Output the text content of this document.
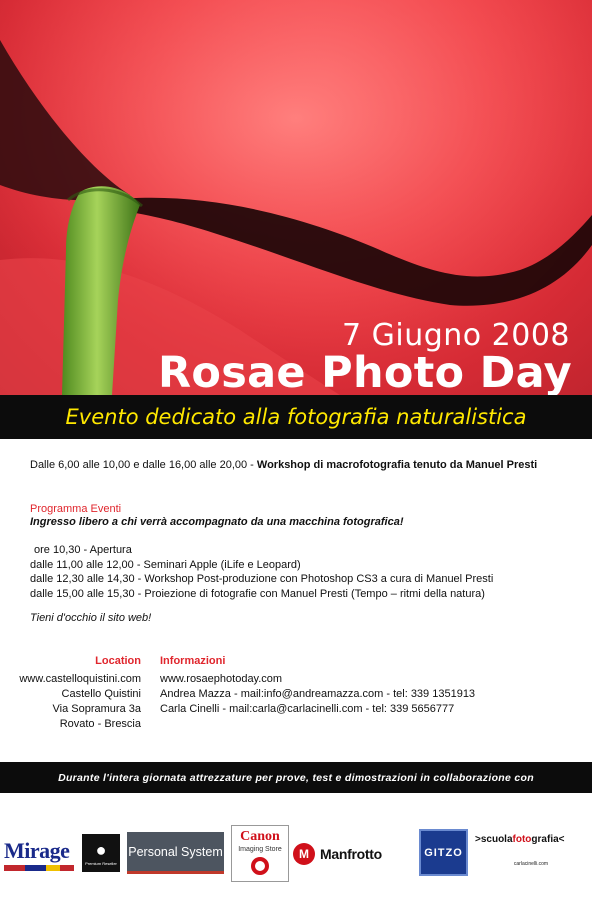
7 Giugno 2008
Rosae Photo Day
Evento dedicato alla fotografia naturalistica
Dalle 6,00 alle 10,00 e dalle 16,00 alle 20,00 - Workshop di macrofotografia tenuto da Manuel Presti
Programma Eventi
Ingresso libero a chi verrà accompagnato da una macchina fotografica!
ore 10,30 - Apertura
dalle 11,00 alle 12,00 - Seminari Apple (iLife e Leopard)
dalle 12,30 alle 14,30 - Workshop Post-produzione con Photoshop CS3 a cura di Manuel Presti
dalle 15,00 alle 15,30 - Proiezione di fotografie con Manuel Presti (Tempo – ritmi della natura)
Tieni d'occhio il sito web!
Location
www.castelloquistini.com
Castello Quistini
Via Sopramura 3a
Rovato - Brescia
Informazioni
www.rosaephotoday.com
Andrea Mazza - mail:info@andreamazza.com - tel: 339 1351913
Carla Cinelli - mail:carla@carlacinelli.com - tel: 339 5656777
Durante l'intera giornata attrezzature per prove, test e dimostrazioni in collaborazione con
Mirage ●
Premium Reseller
Personal System
Canon
Imaging Store	M Manfrotto	GITZO
>scuolafotografia<
carlacinelli.com
